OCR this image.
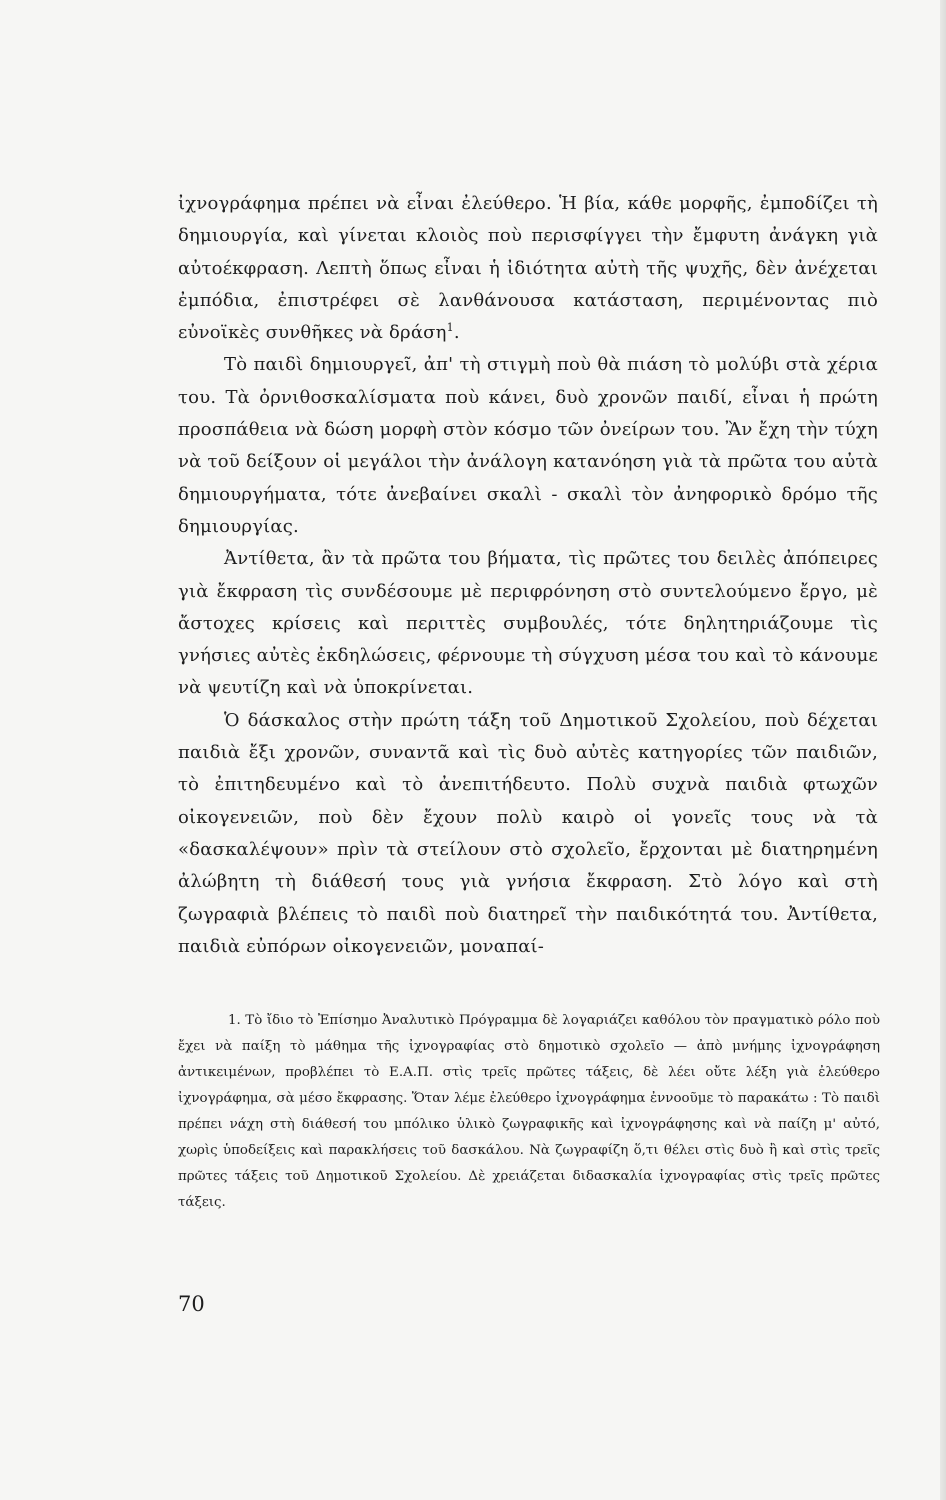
ἰχνογράφημα πρέπει νὰ εἶναι ἐλεύθερο. Ἡ βία, κάθε μορφῆς, ἐμποδίζει τὴ δημιουργία, καὶ γίνεται κλοιὸς ποὺ περισφίγγει τὴν ἔμφυτη ἀνάγκη γιὰ αὐτοέκφραση. Λεπτὴ ὅπως εἶναι ἡ ἰδιότητα αὐτὴ τῆς ψυχῆς, δὲν ἀνέχεται ἐμπόδια, ἐπιστρέφει σὲ λανθάνουσα κατάσταση, περιμένοντας πιὸ εὐνοϊκὲς συνθῆκες νὰ δράση$^1$.

Τὸ παιδὶ δημιουργεῖ, ἀπ' τὴ στιγμὴ ποὺ θὰ πιάση τὸ μολύβι στὰ χέρια του. Τὰ ὀρνιθοσκαλίσματα ποὺ κάνει, δυὸ χρονῶν παιδί, εἶναι ἡ πρώτη προσπάθεια νὰ δώση μορφὴ στὸν κόσμο τῶν ὀνείρων του. Ἂν ἔχη τὴν τύχη νὰ τοῦ δείξουν οἱ μεγάλοι τὴν ἀνάλογη κατανόηση γιὰ τὰ πρῶτα του αὐτὰ δημιουργήματα, τότε ἀνεβαίνει σκαλὶ - σκαλὶ τὸν ἀνηφορικὸ δρόμο τῆς δημιουργίας.

Ἀντίθετα, ἂν τὰ πρῶτα του βήματα, τὶς πρῶτες του δειλὲς ἀπόπειρες γιὰ ἔκφραση τὶς συνδέσουμε μὲ περιφρόνηση στὸ συντελούμενο ἔργο, μὲ ἄστοχες κρίσεις καὶ περιττὲς συμβουλές, τότε δηλητηριάζουμε τὶς γνήσιες αὐτὲς ἐκδηλώσεις, φέρνουμε τὴ σύγχυση μέσα του καὶ τὸ κάνουμε νὰ ψευτίζη καὶ νὰ ὑποκρίνεται.

Ὁ δάσκαλος στὴν πρώτη τάξη τοῦ Δημοτικοῦ Σχολείου, ποὺ δέχεται παιδιὰ ἔξι χρονῶν, συναντᾶ καὶ τὶς δυὸ αὐτὲς κατηγορίες τῶν παιδιῶν, τὸ ἐπιτηδευμένο καὶ τὸ ἀνεπιτήδευτο. Πολὺ συχνὰ παιδιὰ φτωχῶν οἰκογενειῶν, ποὺ δὲν ἔχουν πολὺ καιρὸ οἱ γονεῖς τους νὰ τὰ «δασκαλέψουν» πρὶν τὰ στείλουν στὸ σχολεῖο, ἔρχονται μὲ διατηρημένη ἀλώβητη τὴ διάθεσή τους γιὰ γνήσια ἔκφραση. Στὸ λόγο καὶ στὴ ζωγραφιὰ βλέπεις τὸ παιδὶ ποὺ διατηρεῖ τὴν παιδικότητά του. Ἀντίθετα, παιδιὰ εὐπόρων οἰκογενειῶν, μοναπαί-

1. Τὸ ἴδιο τὸ Ἐπίσημο Ἀναλυτικὸ Πρόγραμμα δὲ λογαριάζει καθόλου τὸν πραγματικὸ ρόλο ποὺ ἔχει νὰ παίξη τὸ μάθημα τῆς ἰχνογραφίας στὸ δημοτικὸ σχολεῖο — ἀπὸ μνήμης ἰχνογράφηση ἀντικειμένων, προβλέπει τὸ Ε.Α.Π. στὶς τρεῖς πρῶτες τάξεις, δὲ λέει οὔτε λέξη γιὰ ἐλεύθερο ἰχνογράφημα, σὰ μέσο ἔκφρασης. Ὅταν λέμε ἐλεύθερο ἰχνογράφημα ἐννοοῦμε τὸ παρακάτω : Τὸ παιδὶ πρέπει νάχη στὴ διάθεσή του μπόλικο ὑλικὸ ζωγραφικῆς καὶ ἰχνογράφησης καὶ νὰ παίζη μ' αὐτό, χωρὶς ὑποδείξεις καὶ παρακλήσεις τοῦ δασκάλου. Νὰ ζωγραφίζη ὅ,τι θέλει στὶς δυὸ ἢ καὶ στὶς τρεῖς πρῶτες τάξεις τοῦ Δημοτικοῦ Σχολείου. Δὲ χρειάζεται διδασκαλία ἰχνογραφίας στὶς τρεῖς πρῶτες τάξεις.

70
